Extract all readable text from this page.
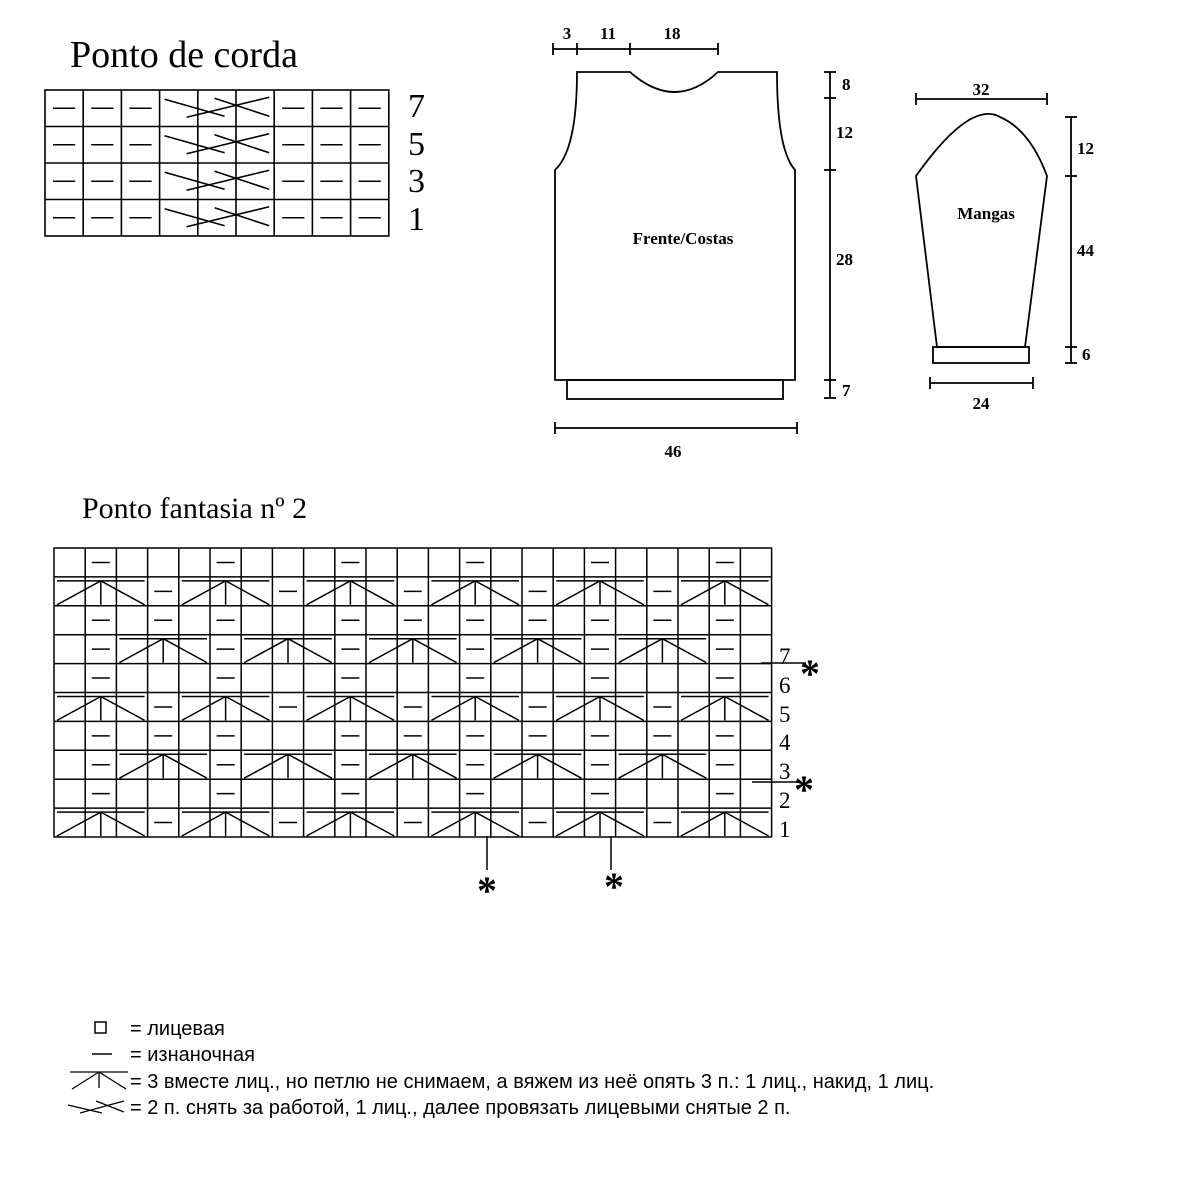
Ponto de corda
7
5
3
1
3 11	18
8
12
28
7
46
Frente/Costas
32
12
44
6
24
Mangas
Ponto fantasia nº 2
7
6
5
4
3
2
1
*
*
*	*
= лицевая
= изнаночная
= 3 вместе лиц., но петлю не снимаем, а вяжем из неё опять 3 п.: 1 лиц., накид, 1 лиц.
= 2 п. снять за работой, 1 лиц., далее провязать лицевыми снятые 2 п.
